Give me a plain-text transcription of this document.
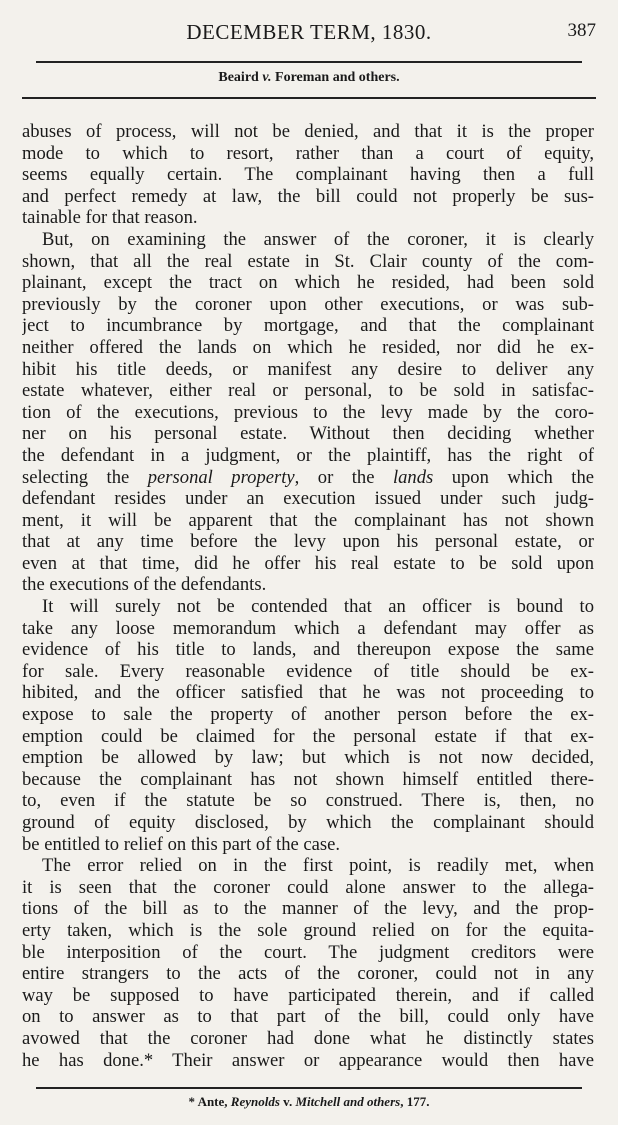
DECEMBER TERM, 1830.	387
Beaird v. Foreman and others.
abuses of process, will not be denied, and that it is the proper
mode to which to resort, rather than a court of equity,
seems equally certain. The complainant having then a full
and perfect remedy at law, the bill could not properly be sus-
tainable for that reason.
But, on examining the answer of the coroner, it is clearly
shown, that all the real estate in St. Clair county of the com-
plainant, except the tract on which he resided, had been sold
previously by the coroner upon other executions, or was sub-
ject to incumbrance by mortgage, and that the complainant
neither offered the lands on which he resided, nor did he ex-
hibit his title deeds, or manifest any desire to deliver any
estate whatever, either real or personal, to be sold in satisfac-
tion of the executions, previous to the levy made by the coro-
ner on his personal estate. Without then deciding whether
the defendant in a judgment, or the plaintiff, has the right of
selecting the personal property, or the lands upon which the
defendant resides under an execution issued under such judg-
ment, it will be apparent that the complainant has not shown
that at any time before the levy upon his personal estate, or
even at that time, did he offer his real estate to be sold upon
the executions of the defendants.
It will surely not be contended that an officer is bound to
take any loose memorandum which a defendant may offer as
evidence of his title to lands, and thereupon expose the same
for sale. Every reasonable evidence of title should be ex-
hibited, and the officer satisfied that he was not proceeding to
expose to sale the property of another person before the ex-
emption could be claimed for the personal estate if that ex-
emption be allowed by law; but which is not now decided,
because the complainant has not shown himself entitled there-
to, even if the statute be so construed. There is, then, no
ground of equity disclosed, by which the complainant should
be entitled to relief on this part of the case.
The error relied on in the first point, is readily met, when
it is seen that the coroner could alone answer to the allega-
tions of the bill as to the manner of the levy, and the prop-
erty taken, which is the sole ground relied on for the equita-
ble interposition of the court. The judgment creditors were
entire strangers to the acts of the coroner, could not in any
way be supposed to have participated therein, and if called
on to answer as to that part of the bill, could only have
avowed that the coroner had done what he distinctly states
he has done.* Their answer or appearance would then have
* Ante, Reynolds v. Mitchell and others, 177.
